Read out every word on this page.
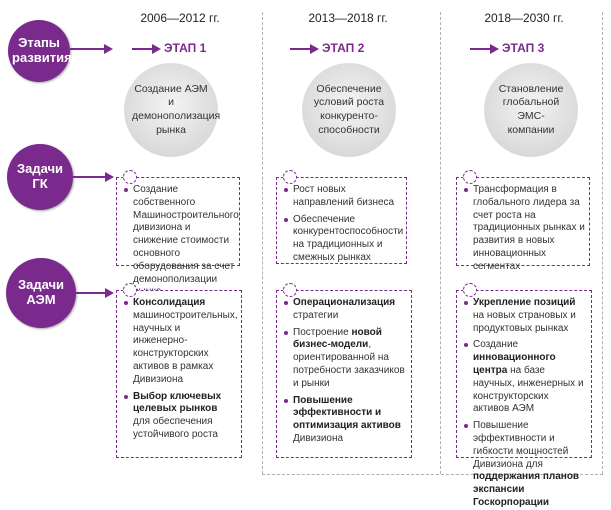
2006—2012 гг.	2013—2018 гг.	2018—2030 гг.
Этапы развития
Задачи ГК
Задачи АЭМ
ЭТАП 1	ЭТАП 2	ЭТАП 3
Создание АЭМ и демонополизация рынка
Обеспечение условий роста конкуренто-способности
Становление глобальной ЭМС-компании
Создание собственного Машиностроительного дивизиона и снижение стоимости основного оборудования за счет демонополизации
Рост новых направлений бизнеса
Обеспечение конкурентоспособности на традиционных и смежных рынках
Трансформация в глобального лидера за счет роста на традиционных рынках и развития в новых инновационных сегментах
Консолидация машиностроительных, научных и инженерно-конструкторских активов в рамках Дивизиона
Выбор ключевых целевых рынков для обеспечения устойчивого роста
Операционализация стратегии
Построение новой бизнес-модели, ориентированной на потребности заказчиков и рынки
Повышение эффективности и оптимизация активов Дивизиона
Укрепление позиций на новых страновых и продуктовых рынках
Создание инновационного центра на базе научных, инженерных и конструкторских активов АЭМ
Повышение эффективности и гибкости мощностей Дивизиона для поддержания планов экспансии Госкорпорации
